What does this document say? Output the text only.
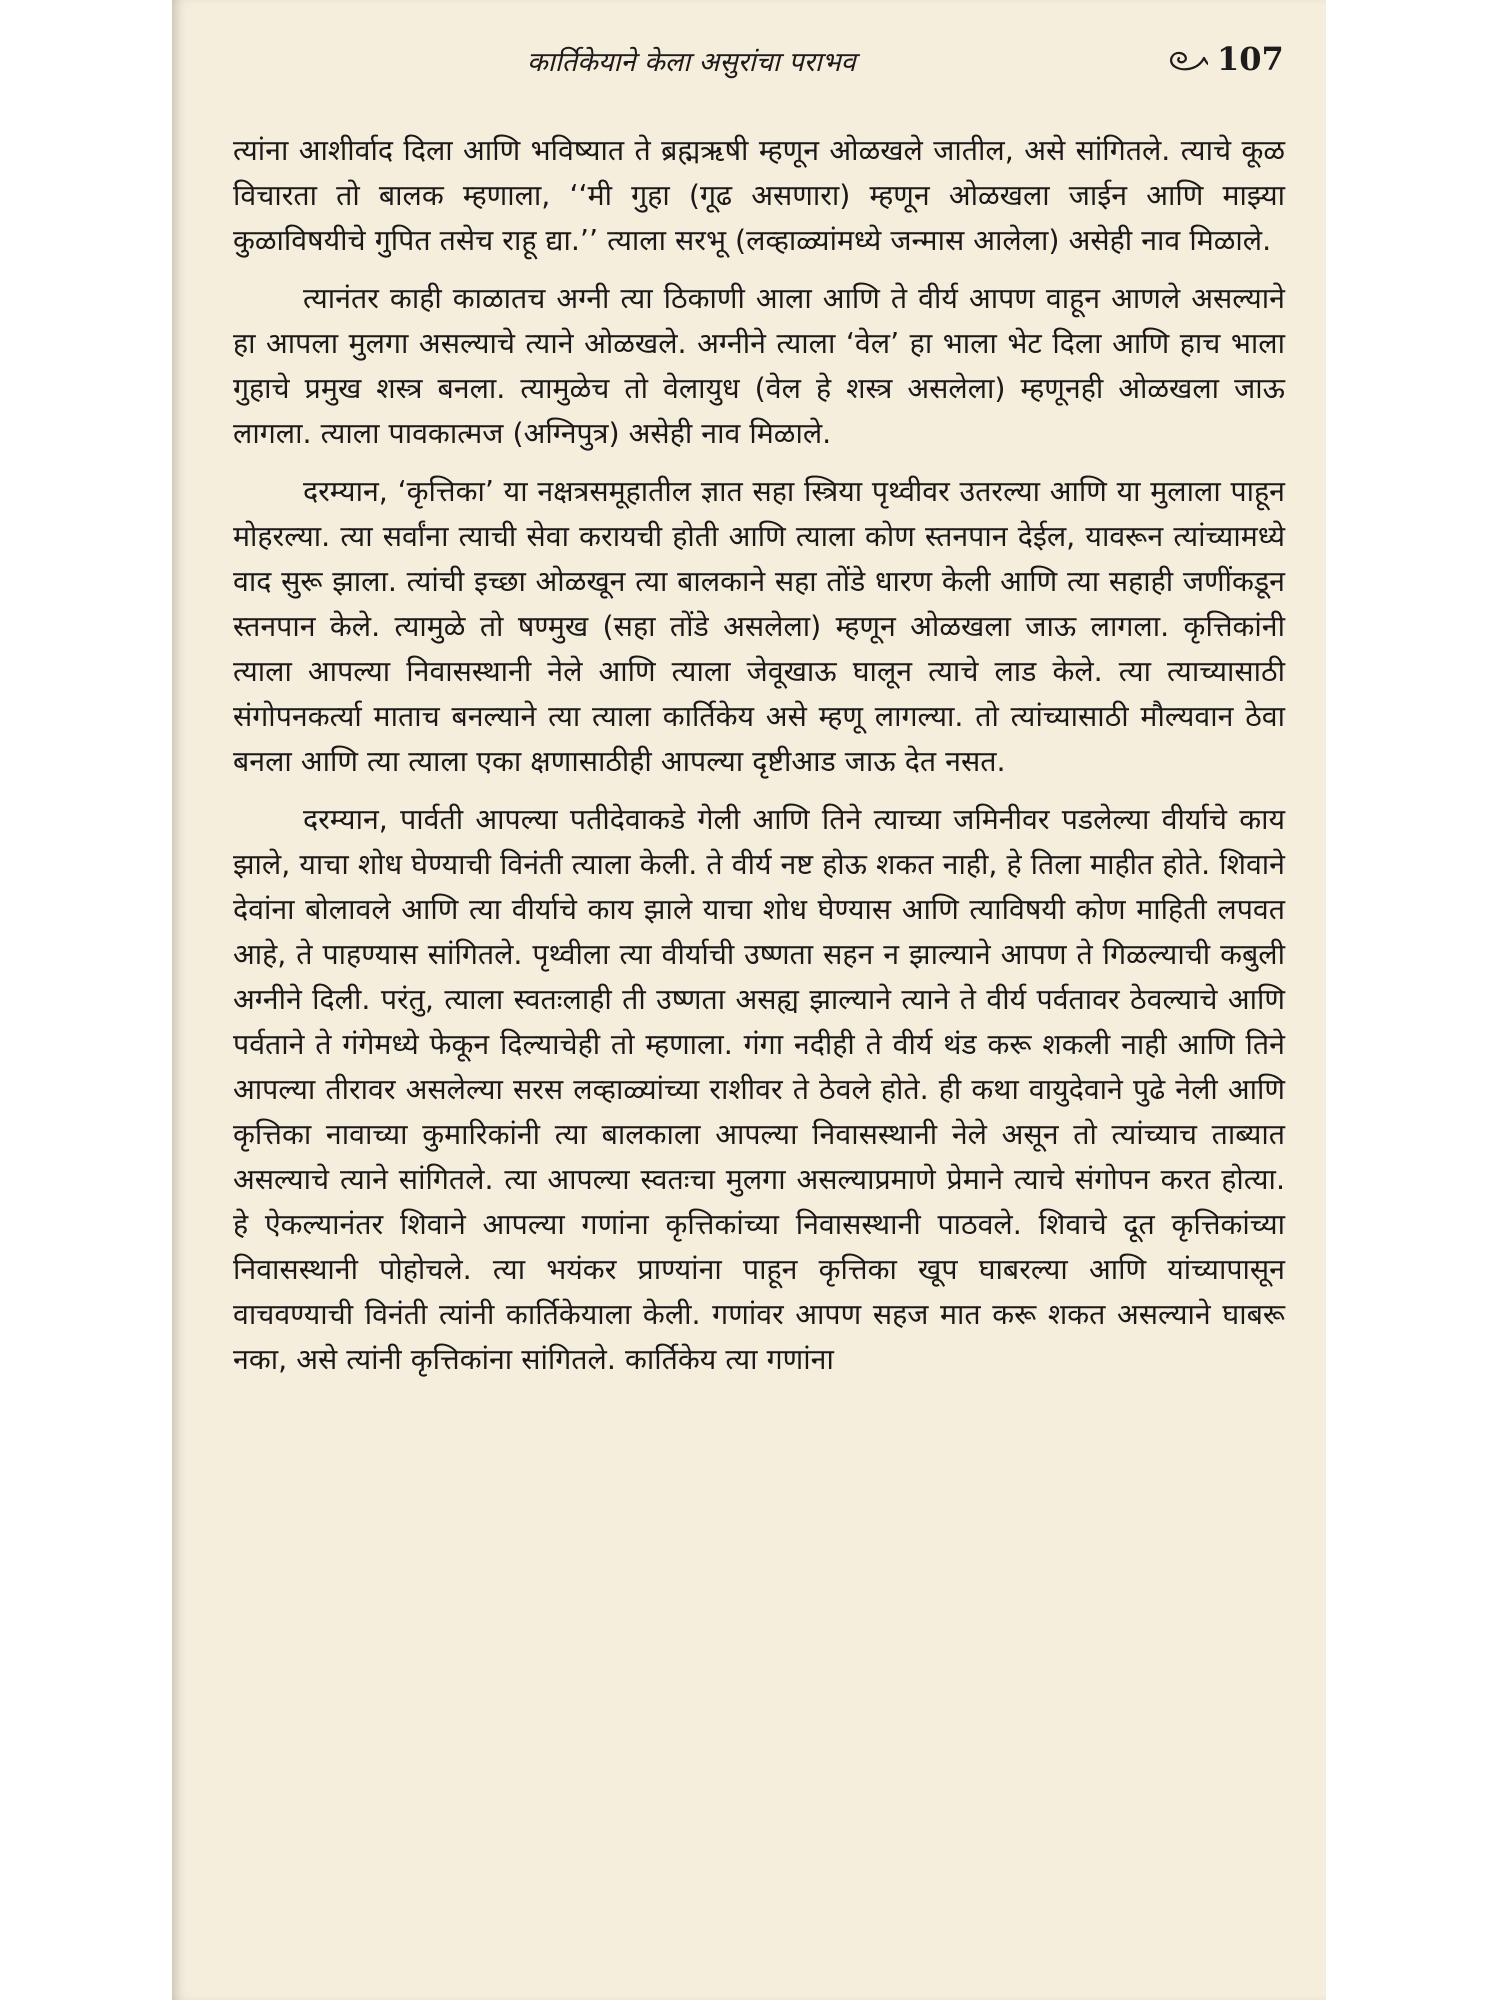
कार्तिकेयाने केला असुरांचा पराभव	107

त्यांना आशीर्वाद दिला आणि भविष्यात ते ब्रह्मऋषी म्हणून ओळखले जातील, असे सांगितले. त्याचे कूळ विचारता तो बालक म्हणाला, ‘‘मी गुहा (गूढ असणारा) म्हणून ओळखला जाईन आणि माझ्या कुळाविषयीचे गुपित तसेच राहू द्या.’’ त्याला सरभू (लव्हाळ्यांमध्ये जन्मास आलेला) असेही नाव मिळाले.

त्यानंतर काही काळातच अग्नी त्या ठिकाणी आला आणि ते वीर्य आपण वाहून आणले असल्याने हा आपला मुलगा असल्याचे त्याने ओळखले. अग्नीने त्याला ‘वेल’ हा भाला भेट दिला आणि हाच भाला गुहाचे प्रमुख शस्त्र बनला. त्यामुळेच तो वेलायुध (वेल हे शस्त्र असलेला) म्हणूनही ओळखला जाऊ लागला. त्याला पावकात्मज (अग्निपुत्र) असेही नाव मिळाले.

दरम्यान, ‘कृत्तिका’ या नक्षत्रसमूहातील ज्ञात सहा स्त्रिया पृथ्वीवर उतरल्या आणि या मुलाला पाहून मोहरल्या. त्या सर्वांना त्याची सेवा करायची होती आणि त्याला कोण स्तनपान देईल, यावरून त्यांच्यामध्ये वाद सुरू झाला. त्यांची इच्छा ओळखून त्या बालकाने सहा तोंडे धारण केली आणि त्या सहाही जणींकडून स्तनपान केले. त्यामुळे तो षण्मुख (सहा तोंडे असलेला) म्हणून ओळखला जाऊ लागला. कृत्तिकांनी त्याला आपल्या निवासस्थानी नेले आणि त्याला जेवूखाऊ घालून त्याचे लाड केले. त्या त्याच्यासाठी संगोपनकर्त्या माताच बनल्याने त्या त्याला कार्तिकेय असे म्हणू लागल्या. तो त्यांच्यासाठी मौल्यवान ठेवा बनला आणि त्या त्याला एका क्षणासाठीही आपल्या दृष्टीआड जाऊ देत नसत.

दरम्यान, पार्वती आपल्या पतीदेवाकडे गेली आणि तिने त्याच्या जमिनीवर पडलेल्या वीर्याचे काय झाले, याचा शोध घेण्याची विनंती त्याला केली. ते वीर्य नष्ट होऊ शकत नाही, हे तिला माहीत होते. शिवाने देवांना बोलावले आणि त्या वीर्याचे काय झाले याचा शोध घेण्यास आणि त्याविषयी कोण माहिती लपवत आहे, ते पाहण्यास सांगितले. पृथ्वीला त्या वीर्याची उष्णता सहन न झाल्याने आपण ते गिळल्याची कबुली अग्नीने दिली. परंतु, त्याला स्वतःलाही ती उष्णता असह्य झाल्याने त्याने ते वीर्य पर्वतावर ठेवल्याचे आणि पर्वताने ते गंगेमध्ये फेकून दिल्याचेही तो म्हणाला. गंगा नदीही ते वीर्य थंड करू शकली नाही आणि तिने आपल्या तीरावर असलेल्या सरस लव्हाळ्यांच्या राशीवर ते ठेवले होते. ही कथा वायुदेवाने पुढे नेली आणि कृत्तिका नावाच्या कुमारिकांनी त्या बालकाला आपल्या निवासस्थानी नेले असून तो त्यांच्याच ताब्यात असल्याचे त्याने सांगितले. त्या आपल्या स्वतःचा मुलगा असल्याप्रमाणे प्रेमाने त्याचे संगोपन करत होत्या. हे ऐकल्यानंतर शिवाने आपल्या गणांना कृत्तिकांच्या निवासस्थानी पाठवले. शिवाचे दूत कृत्तिकांच्या निवासस्थानी पोहोचले. त्या भयंकर प्राण्यांना पाहून कृत्तिका खूप घाबरल्या आणि यांच्यापासून वाचवण्याची विनंती त्यांनी कार्तिकेयाला केली. गणांवर आपण सहज मात करू शकत असल्याने घाबरू नका, असे त्यांनी कृत्तिकांना सांगितले. कार्तिकेय त्या गणांना
